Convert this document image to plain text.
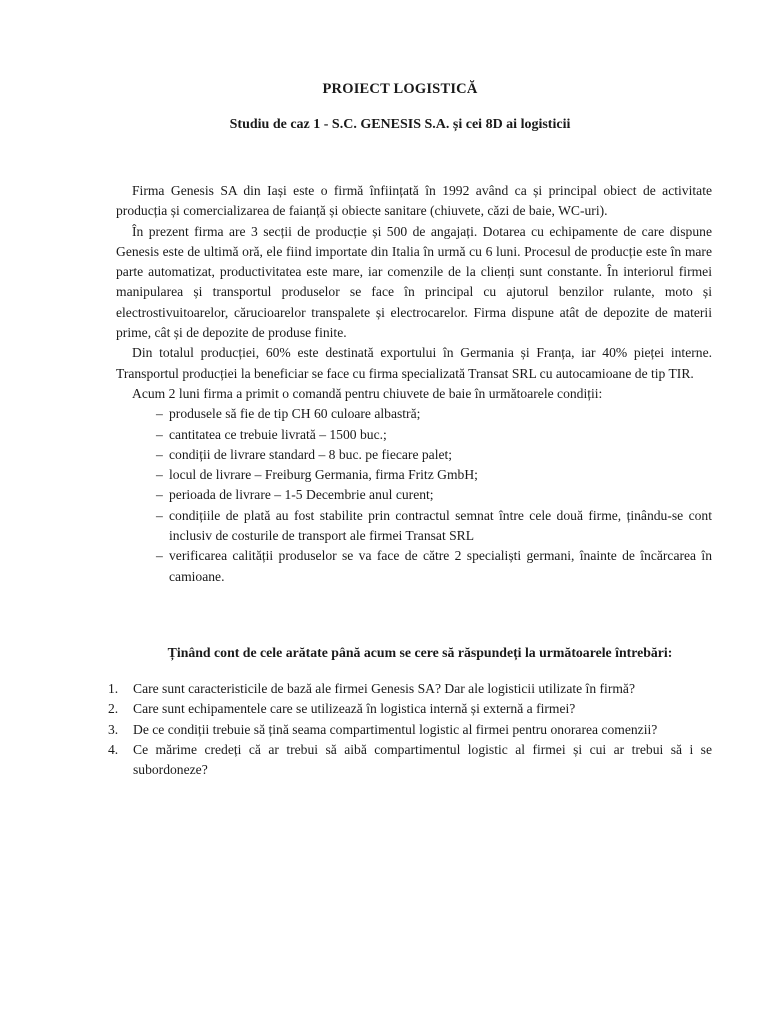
PROIECT LOGISTICĂ
Studiu de caz 1 - S.C. GENESIS S.A. și cei 8D ai logisticii

Firma Genesis SA din Iași este o firmă înființată în 1992 având ca și principal obiect de activitate producția și comercializarea de faianță și obiecte sanitare (chiuvete, căzi de baie, WC-uri).

În prezent firma are 3 secții de producție și 500 de angajați. Dotarea cu echipamente de care dispune Genesis este de ultimă oră, ele fiind importate din Italia în urmă cu 6 luni. Procesul de producție este în mare parte automatizat, productivitatea este mare, iar comenzile de la clienți sunt constante. În interiorul firmei manipularea și transportul produselor se face în principal cu ajutorul benzilor rulante, moto și electrostivuitoarelor, cărucioarelor transpalete și electrocarelor. Firma dispune atât de depozite de materii prime, cât și de depozite de produse finite.

Din totalul producției, 60% este destinată exportului în Germania și Franța, iar 40% pieței interne. Transportul producției la beneficiar se face cu firma specializată Transat SRL cu autocamioane de tip TIR.

Acum 2 luni firma a primit o comandă pentru chiuvete de baie în următoarele condiții:

– produsele să fie de tip CH 60 culoare albastră;
– cantitatea ce trebuie livrată – 1500 buc.;
– condiții de livrare standard – 8 buc. pe fiecare palet;
– locul de livrare – Freiburg Germania, firma Fritz GmbH;
– perioada de livrare – 1-5 Decembrie anul curent;
– condițiile de plată au fost stabilite prin contractul semnat între cele două firme, ținându-se cont inclusiv de costurile de transport ale firmei Transat SRL
– verificarea calității produselor se va face de către 2 specialiști germani, înainte de încărcarea în camioane.
Ținând cont de cele arătate până acum se cere să răspundeți la următoarele întrebări:
1. Care sunt caracteristicile de bază ale firmei Genesis SA? Dar ale logisticii utilizate în firmă?
2. Care sunt echipamentele care se utilizează în logistica internă și externă a firmei?
3. De ce condiții trebuie să țină seama compartimentul logistic al firmei pentru onorarea comenzii?
4. Ce mărime credeți că ar trebui să aibă compartimentul logistic al firmei și cui ar trebui să i se subordoneze?
